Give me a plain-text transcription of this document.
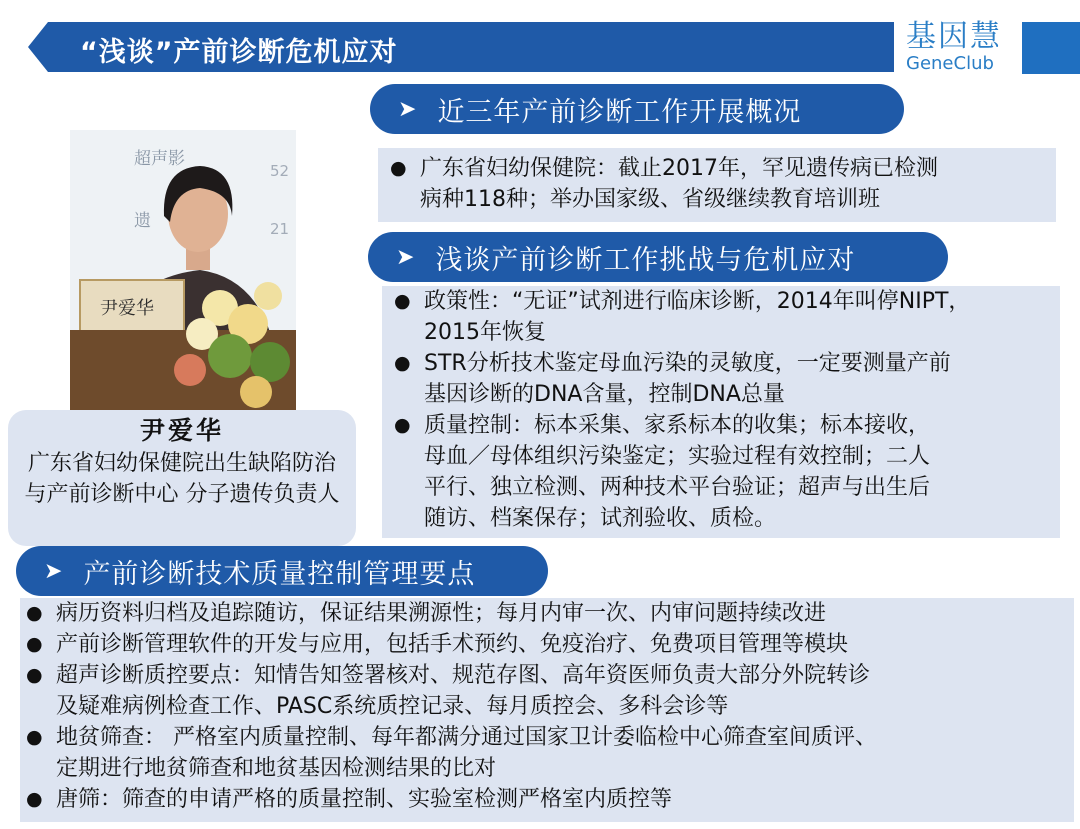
“浅谈”产前诊断危机应对	基因慧
GeneClub
超声影
52
遗	21
尹爱华
尹爱华
广东省妇幼保健院出生缺陷防治与产前诊断中心 分子遗传负责人
➤ 近三年产前诊断工作开展概况
● 广东省妇幼保健院：截止2017年，罕见遗传病已检测
病种118种；举办国家级、省级继续教育培训班
➤ 浅谈产前诊断工作挑战与危机应对
● 政策性：“无证”试剂进行临床诊断，2014年叫停NIPT，
2015年恢复
● STR分析技术鉴定母血污染的灵敏度，一定要测量产前
基因诊断的DNA含量，控制DNA总量
● 质量控制：标本采集、家系标本的收集；标本接收，
母血／母体组织污染鉴定；实验过程有效控制；二人
平行、独立检测、两种技术平台验证；超声与出生后
随访、档案保存；试剂验收、质检。
➤ 产前诊断技术质量控制管理要点
● 病历资料归档及追踪随访，保证结果溯源性；每月内审一次、内审问题持续改进
● 产前诊断管理软件的开发与应用，包括手术预约、免疫治疗、免费项目管理等模块
● 超声诊断质控要点：知情告知签署核对、规范存图、高年资医师负责大部分外院转诊
及疑难病例检查工作、PASC系统质控记录、每月质控会、多科会诊等
● 地贫筛查： 严格室内质量控制、每年都满分通过国家卫计委临检中心筛查室间质评、
定期进行地贫筛查和地贫基因检测结果的比对
● 唐筛：筛查的申请严格的质量控制、实验室检测严格室内质控等
